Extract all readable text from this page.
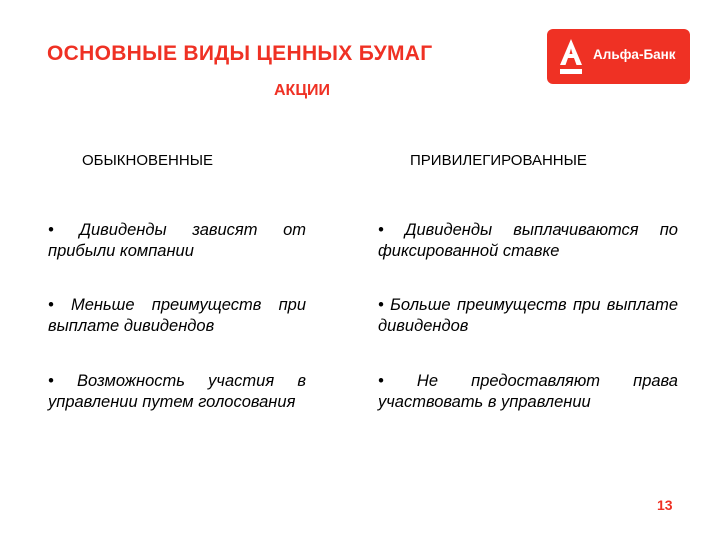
ОСНОВНЫЕ ВИДЫ ЦЕННЫХ БУМАГ	Альфа-Банк
АКЦИИ
ОБЫКНОВЕННЫЕ	ПРИВИЛЕГИРОВАННЫЕ
• Дивиденды зависят от прибыли компании
• Меньше преимуществ при выплате дивидендов
• Возможность участия в управлении путем голосования
• Дивиденды выплачиваются по фиксированной ставке
• Больше преимуществ при выплате дивидендов
• Не предоставляют права участвовать в управлении
13
